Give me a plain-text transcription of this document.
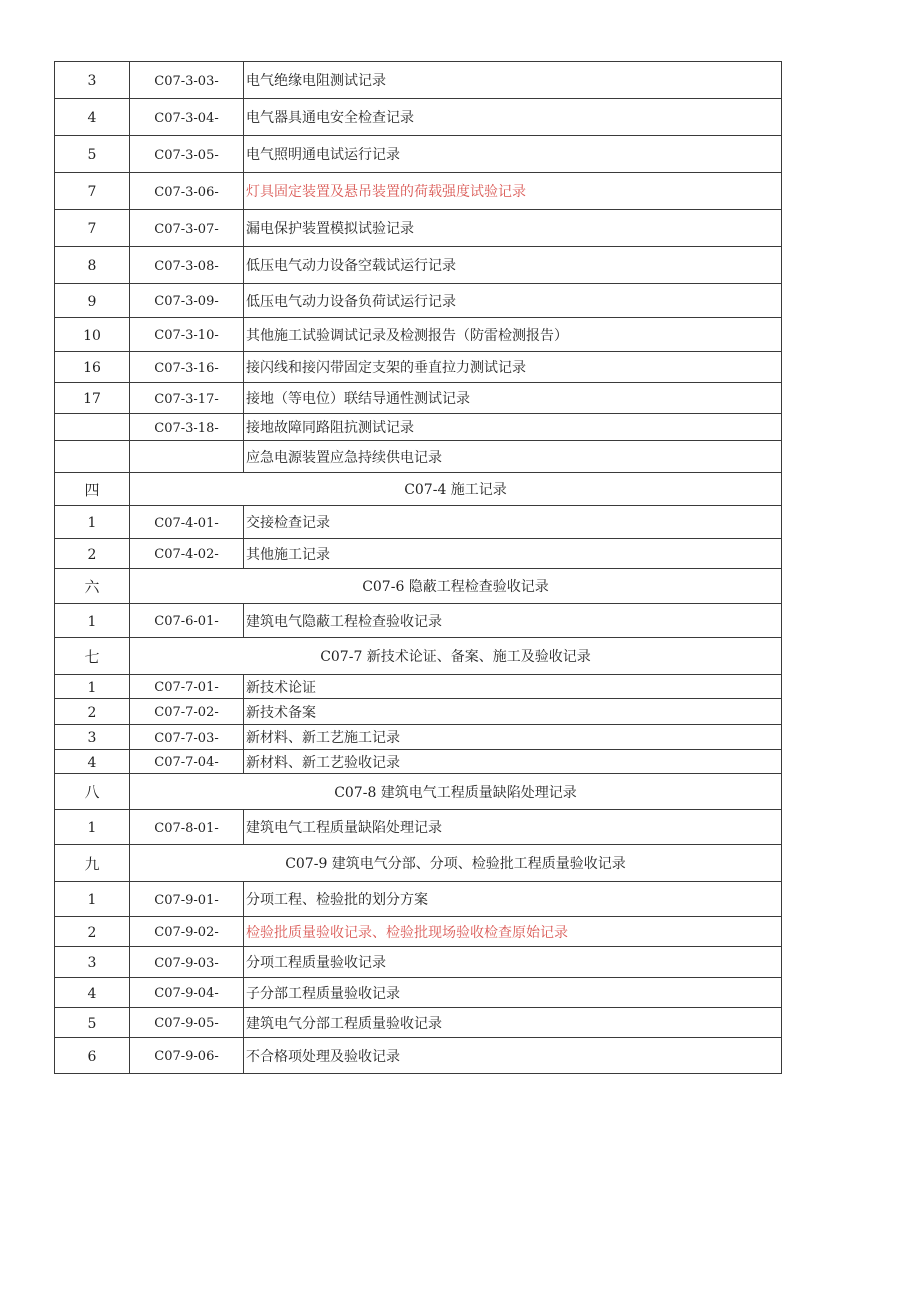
3	C07-3-03-	电气绝缘电阻测试记录
4	C07-3-04-	电气器具通电安全检查记录
5	C07-3-05-	电气照明通电试运行记录
7	C07-3-06-	灯具固定装置及悬吊装置的荷载强度试验记录
7	C07-3-07-	漏电保护装置模拟试验记录
8	C07-3-08-	低压电气动力设备空载试运行记录
9	C07-3-09-	低压电气动力设备负荷试运行记录
10	C07-3-10-	其他施工试验调试记录及检测报告（防雷检测报告）
16	C07-3-16-	接闪线和接闪带固定支架的垂直拉力测试记录
17	C07-3-17-	接地（等电位）联结导通性测试记录
	C07-3-18-	接地故障同路阻抗测试记录
		应急电源装置应急持续供电记录
四	C07-4 施工记录	
1	C07-4-01-	交接检查记录
2	C07-4-02-	其他施工记录
六	C07-6 隐蔽工程检查验收记录	
1	C07-6-01-	建筑电气隐蔽工程检查验收记录
七	C07-7 新技术论证、备案、施工及验收记录	
1	C07-7-01-	新技术论证
2	C07-7-02-	新技术备案
3	C07-7-03-	新材料、新工艺施工记录
4	C07-7-04-	新材料、新工艺验收记录
八	C07-8 建筑电气工程质量缺陷处理记录	
1	C07-8-01-	建筑电气工程质量缺陷处理记录
九	C07-9 建筑电气分部、分项、检验批工程质量验收记录	
1	C07-9-01-	分项工程、检验批的划分方案
2	C07-9-02-	检验批质量验收记录、检验批现场验收检查原始记录
3	C07-9-03-	分项工程质量验收记录
4	C07-9-04-	子分部工程质量验收记录
5	C07-9-05-	建筑电气分部工程质量验收记录
6	C07-9-06-	不合格项处理及验收记录
